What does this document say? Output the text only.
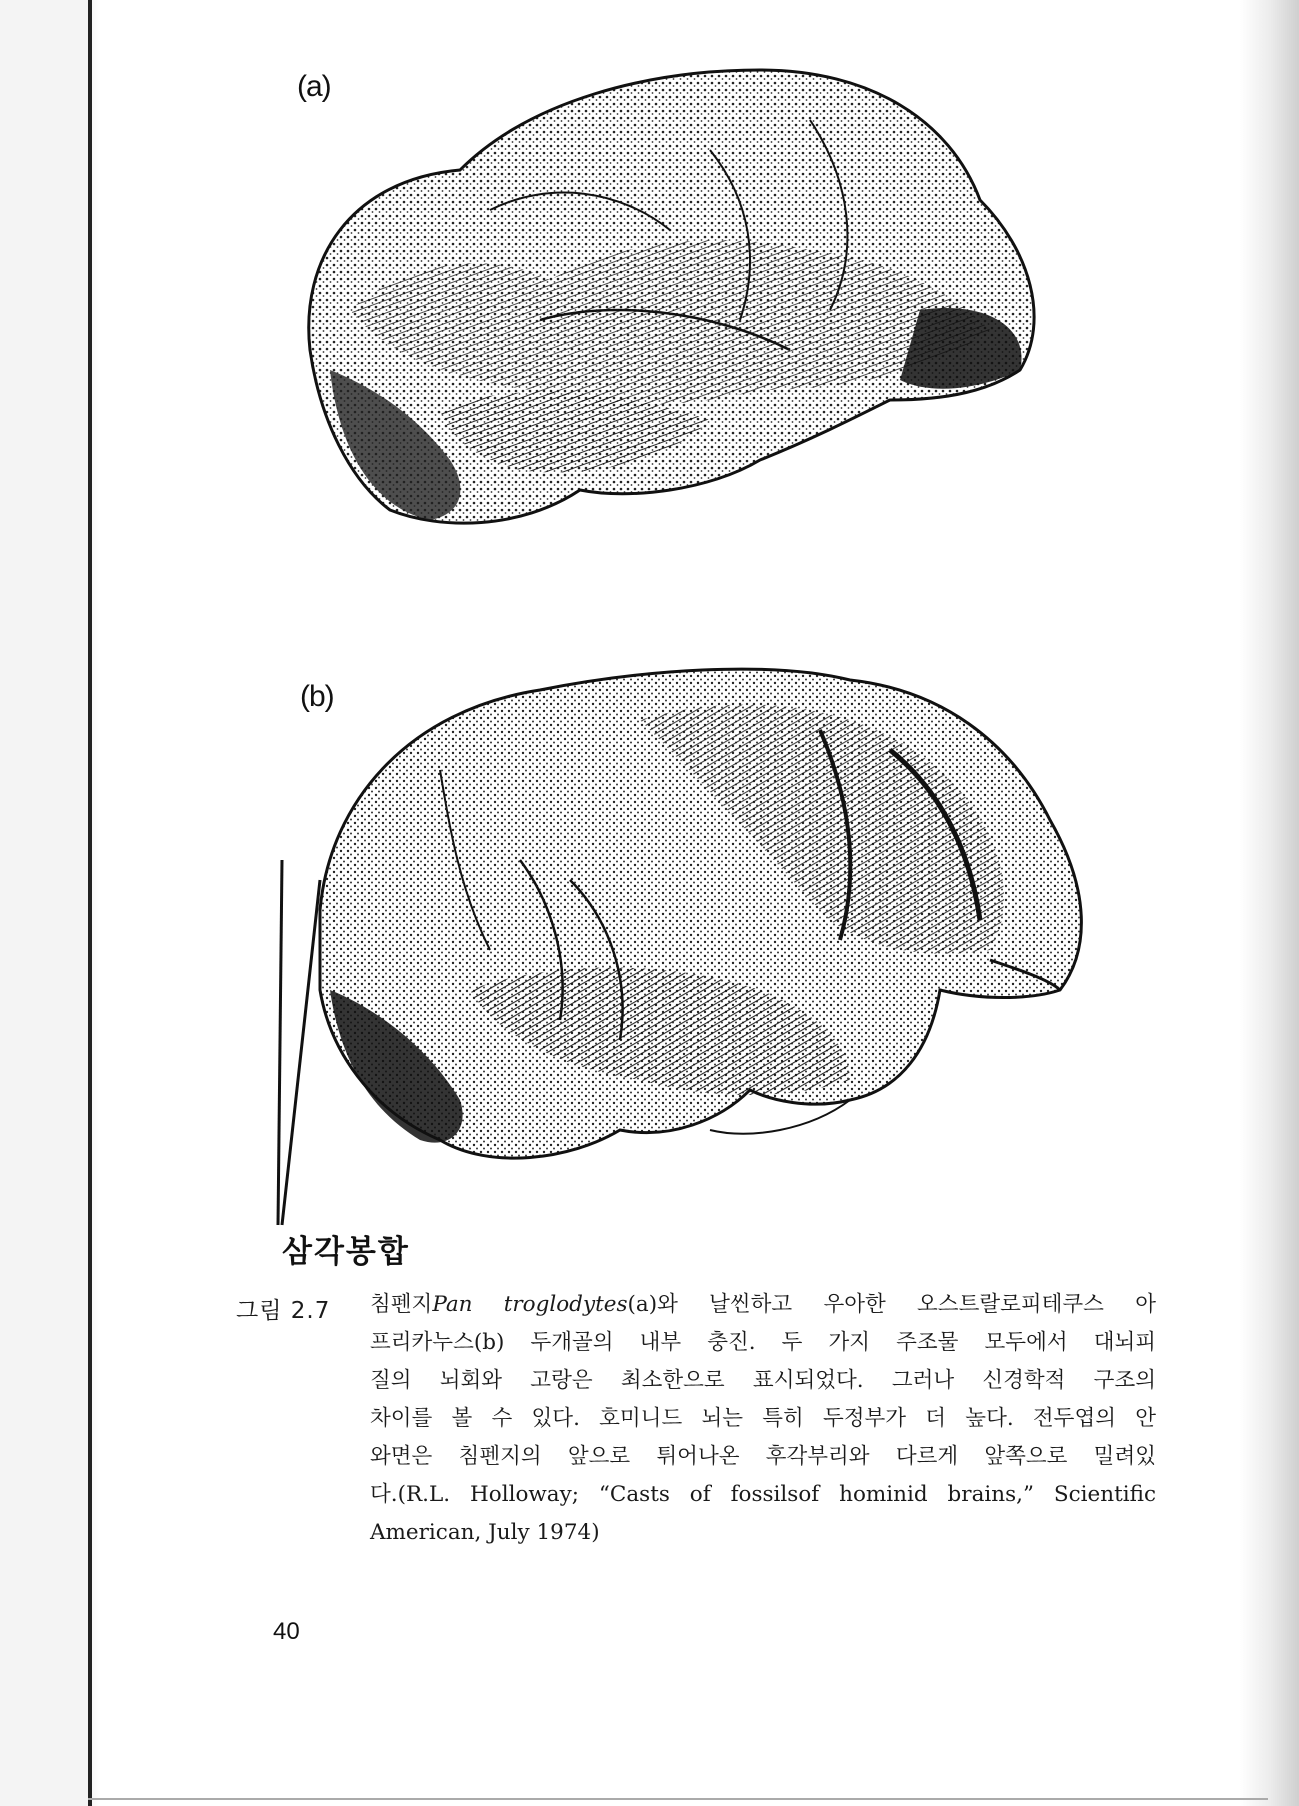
(a)
(b)
삼각봉합
그림 2.7 침펜지Pan troglodytes(a)와 날씬하고 우아한 오스트랄로피테쿠스 아
프리카누스(b) 두개골의 내부 충진. 두 가지 주조물 모두에서 대뇌피
질의 뇌회와 고랑은 최소한으로 표시되었다. 그러나 신경학적 구조의
차이를 볼 수 있다. 호미니드 뇌는 특히 두정부가 더 높다. 전두엽의 안
와면은 침펜지의 앞으로 튀어나온 후각부리와 다르게 앞쪽으로 밀려있
다.(R.L. Holloway; “Casts of fossilsof hominid brains,” Scientific
American, July 1974)
40
